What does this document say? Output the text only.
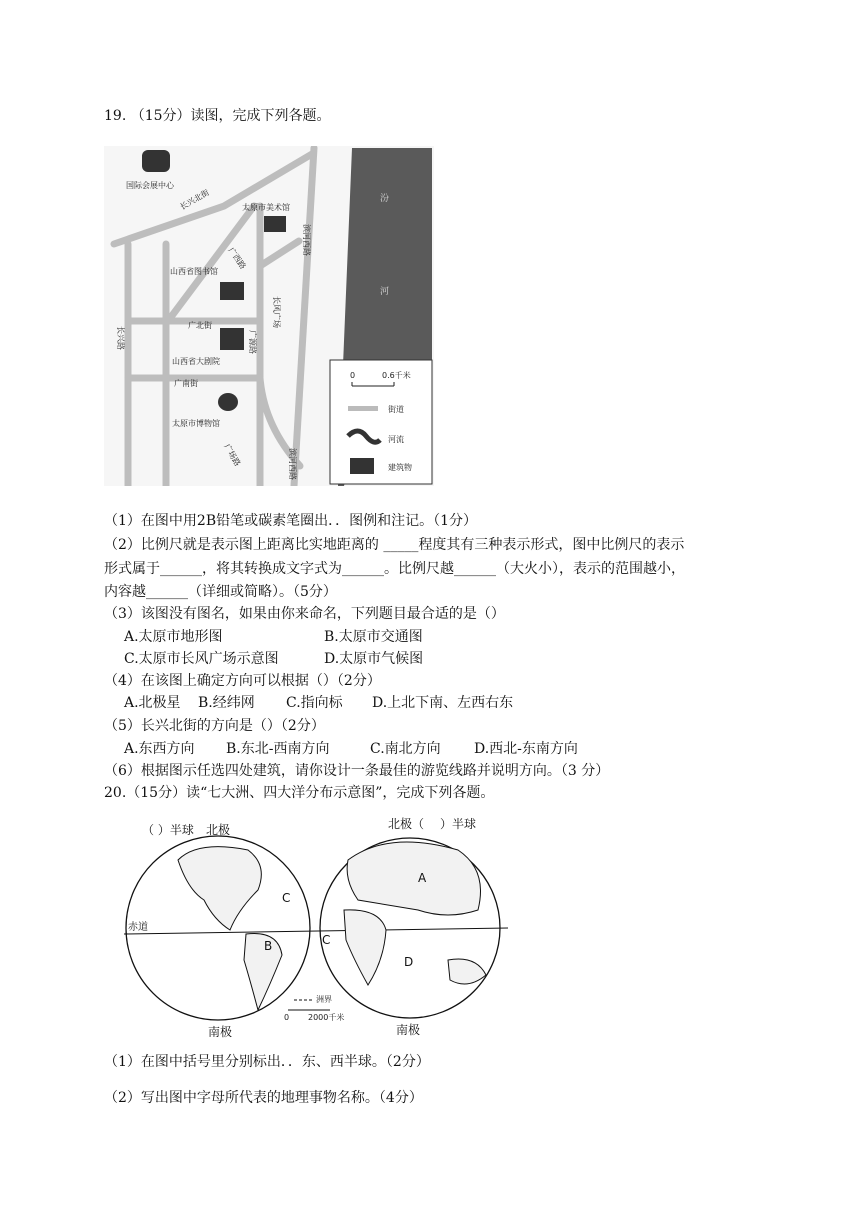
19. （15分）读图，完成下列各题。
汾
河
国际会展中心
太原市美术馆
山西省图书馆
山西省大剧院
太原市博物馆
长兴北街
广北街
广南街
广西路
滨河西路
滨河西路
长兴路	广源路
广场路
长风广场
0	0.6千米
街道
河流
建筑物
（1）在图中用2B铅笔或碳素笔圈出．．图例和注记。（1分）
（2）比例尺就是表示图上距离比实地距离的 _____程度其有三种表示形式，图中比例尺的表示
形式属于______，将其转换成文字式为______。比例尺越______（大火小），表示的范围越小，
内容越______（详细或简略）。（5分）
（3）该图没有图名，如果由你来命名，下列题目最合适的是（）
A.太原市地形图	B.太原市交通图
C.太原市长风广场示意图	D.太原市气候图
（4）在该图上确定方向可以根据（）（2分）
A.北极星 B.经纬网 C.指向标 D.上北下南、左西右东
（5）长兴北街的方向是（）（2分）
A.东西方向 B.东北-西南方向	C.南北方向 D.西北-东南方向
（6）根据图示任选四处建筑，请你设计一条最佳的游览线路并说明方向。（3 分）
20.（15分）读“七大洲、四大洋分布示意图”，完成下列各题。
（ ）半球 北极	北极（ ）半球
赤道
南极	南极
A
B
C
C
D
洲界
0 2000千米
（1）在图中括号里分别标出．．东、西半球。（2分）
（2）写出图中字母所代表的地理事物名称。（4分）
